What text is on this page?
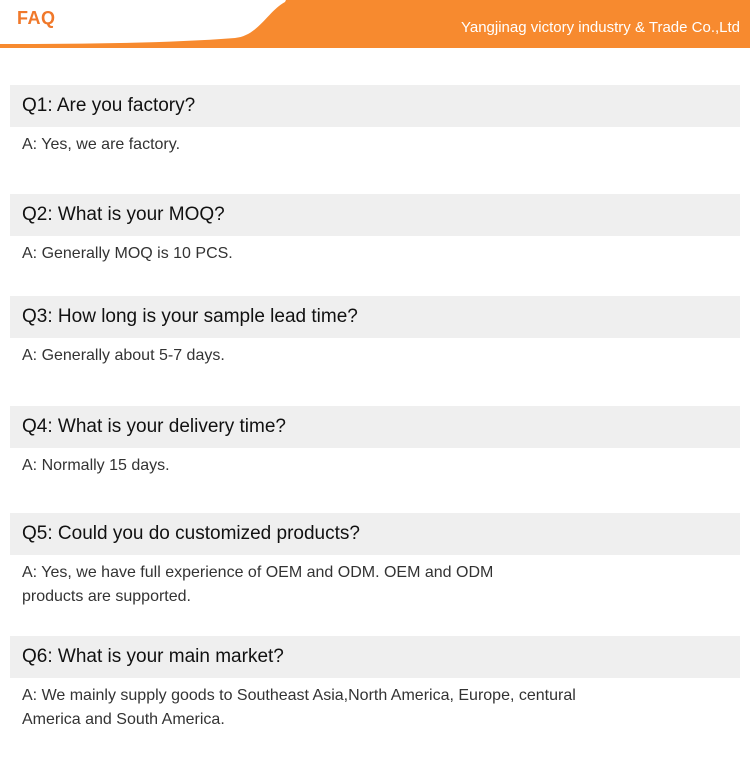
FAQ	Yangjinag victory industry & Trade Co.,Ltd
Q1: Are you factory?
A: Yes, we are factory.
Q2: What is your MOQ?
A: Generally MOQ is 10 PCS.
Q3: How long is your sample lead time?
A: Generally about 5-7 days.
Q4: What is your delivery time?
A: Normally 15 days.
Q5: Could you do customized products?
A: Yes, we have full experience of OEM and ODM. OEM and ODM
products are supported.
Q6: What is your main market?
A: We mainly supply goods to Southeast Asia,North America, Europe, centural
America and South America.
